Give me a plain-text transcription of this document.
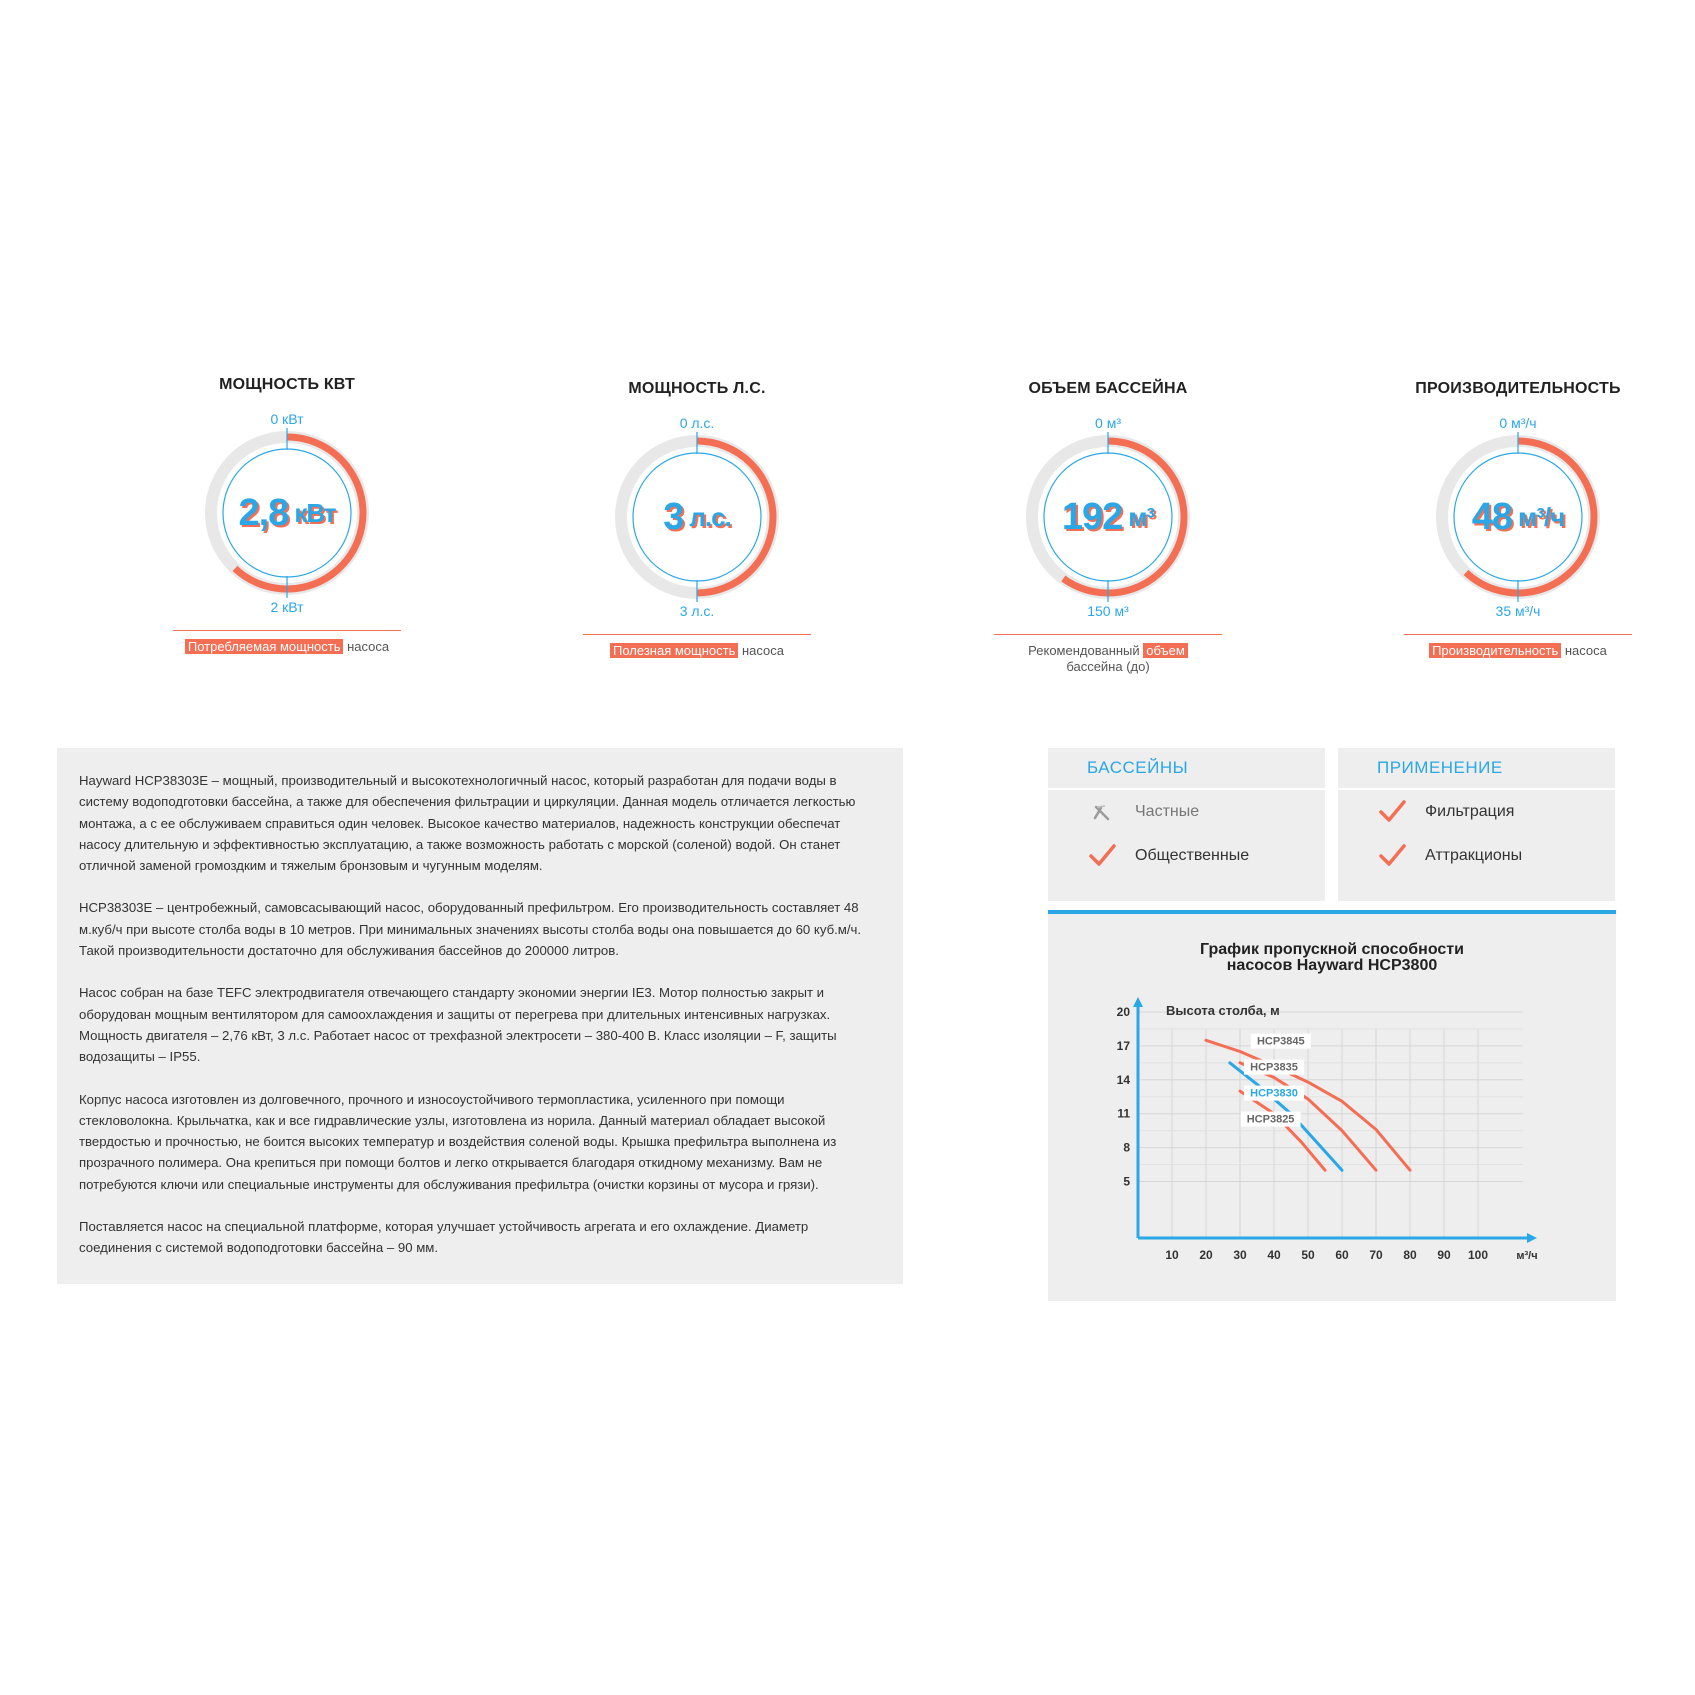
МОЩНОСТЬ КВТ
0 кВт
2,8 кВт
2 кВт
Потребляемая мощность насоса
МОЩНОСТЬ Л.С.
0 л.с.
3 л.с.
3 л.с.
Полезная мощность насоса
ОБЪЕМ БАССЕЙНА
0 м³
192 м³
150 м³
Рекомендованный объем
бассейна (до)
ПРОИЗВОДИТЕЛЬНОСТЬ
0 м³/ч
48 м³/ч
35 м³/ч
Производительность насоса

Hayward HCP38303E – мощный, производительный и высокотехнологичный насос, который разработан для подачи воды в систему водоподготовки бассейна, а также для обеспечения фильтрации и циркуляции. Данная модель отличается легкостью монтажа, а с ее обслуживаем справиться один человек. Высокое качество материалов, надежность конструкции обеспечат насосу длительную и эффективностью эксплуатацию, а также возможность работать с морской (соленой) водой. Он станет отличной заменой громоздким и тяжелым бронзовым и чугунным моделям.

HCP38303E – центробежный, самовсасывающий насос, оборудованный префильтром. Его производительность составляет 48 м.куб/ч при высоте столба воды в 10 метров. При минимальных значениях высоты столба воды она повышается до 60 куб.м/ч. Такой производительности достаточно для обслуживания бассейнов до 200000 литров.

Насос собран на базе TEFC электродвигателя отвечающего стандарту экономии энергии IE3. Мотор полностью закрыт и оборудован мощным вентилятором для самоохлаждения и защиты от перегрева при длительных интенсивных нагрузках. Мощность двигателя – 2,76 кВт, 3 л.с. Работает насос от трехфазной электросети – 380-400 В. Класс изоляции – F, защиты водозащиты – IP55.

Корпус насоса изготовлен из долговечного, прочного и износоустойчивого термопластика, усиленного при помощи стекловолокна. Крыльчатка, как и все гидравлические узлы, изготовлена из норила. Данный материал обладает высокой твердостью и прочностью, не боится высоких температур и воздействия соленой воды. Крышка префильтра выполнена из прозрачного полимера. Она крепиться при помощи болтов и легко открывается благодаря откидному механизму. Вам не потребуются ключи или специальные инструменты для обслуживания префильтра (очистки корзины от мусора и грязи).

Поставляется насос на специальной платформе, которая улучшает устойчивость агрегата и его охлаждение. Диаметр соединения с системой водоподготовки бассейна – 90 мм.

БАССЕЙНЫ
Частные
Общественные
ПРИМЕНЕНИЕ
Фильтрация
Аттракционы
График пропускной способности
насосов Hayward HCP3800
Высота столба, м
5
8
11
14
17
20
10 20 30 40 50 60 70 80 90 100	м³/ч
HCP3845
HCP3835
HCP3830
HCP3825
